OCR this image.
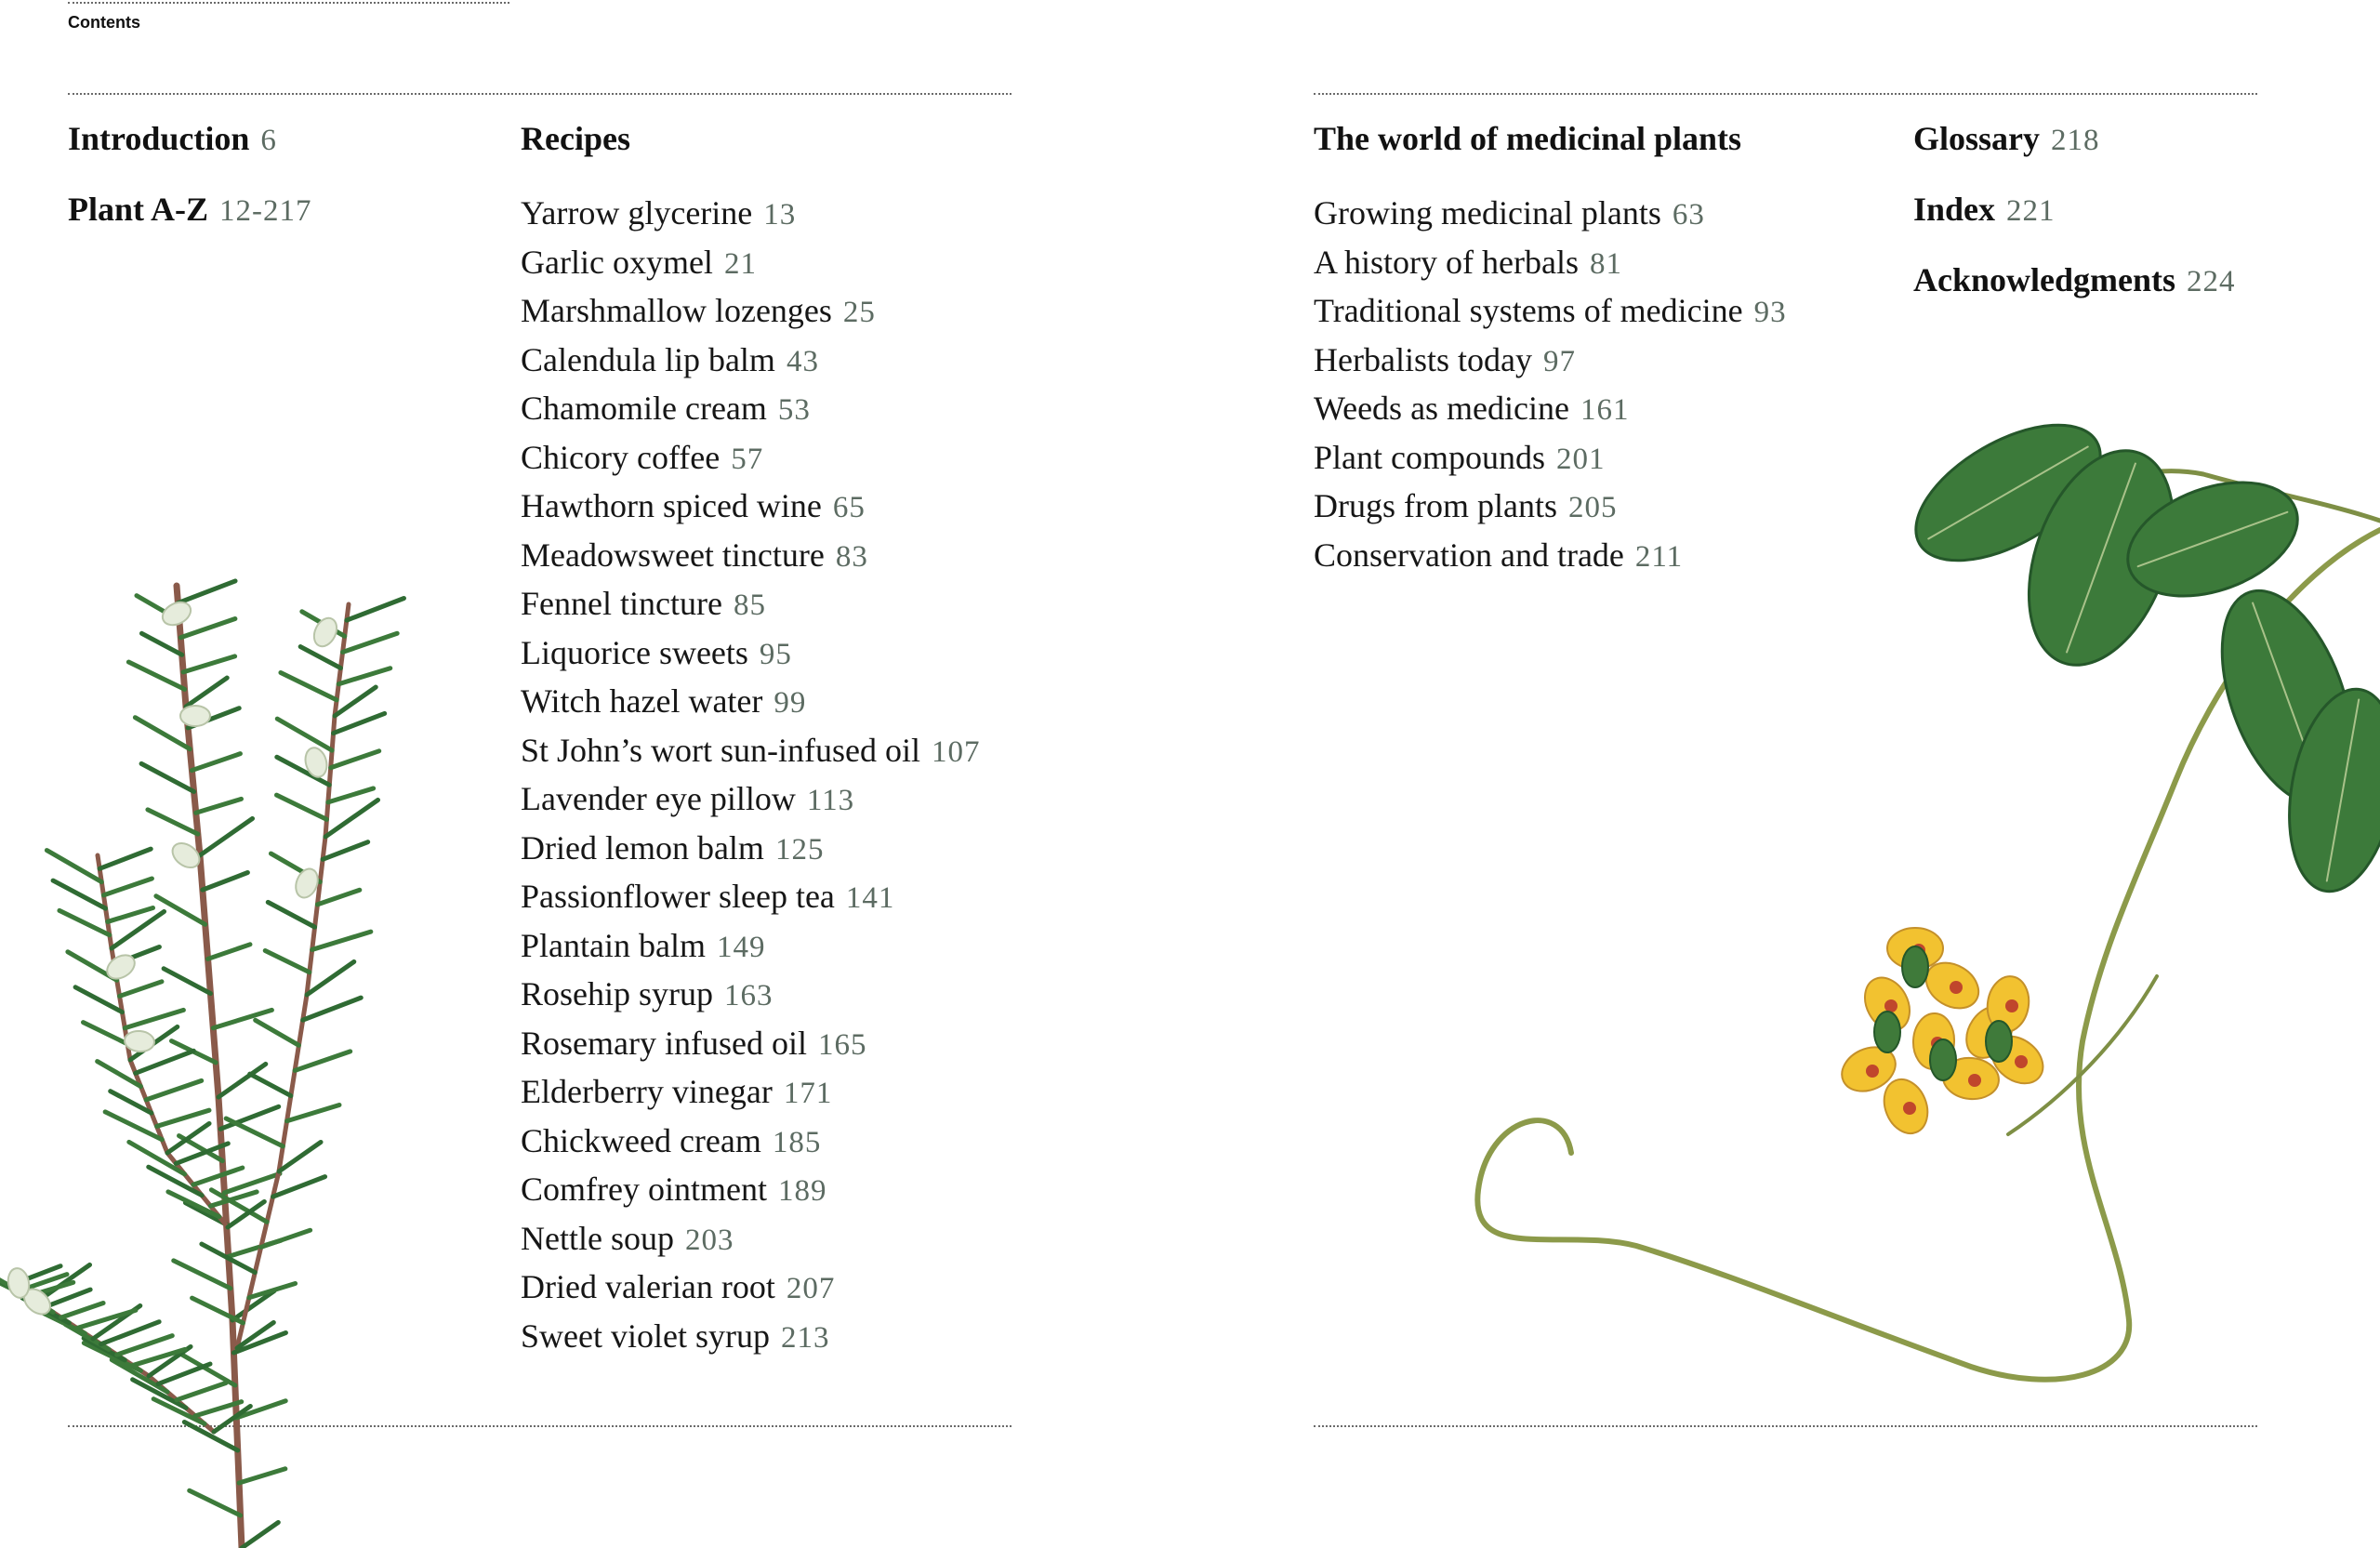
Contents
Introduction 6
Plant A-Z 12-217
Recipes
Yarrow glycerine 13
Garlic oxymel 21
Marshmallow lozenges 25
Calendula lip balm 43
Chamomile cream 53
Chicory coffee 57
Hawthorn spiced wine 65
Meadowsweet tincture 83
Fennel tincture 85
Liquorice sweets 95
Witch hazel water 99
St John’s wort sun-infused oil 107
Lavender eye pillow 113
Dried lemon balm 125
Passionflower sleep tea 141
Plantain balm 149
Rosehip syrup 163
Rosemary infused oil 165
Elderberry vinegar 171
Chickweed cream 185
Comfrey ointment 189
Nettle soup 203
Dried valerian root 207
Sweet violet syrup 213
The world of medicinal plants
Growing medicinal plants 63
A history of herbals 81
Traditional systems of medicine 93
Herbalists today 97
Weeds as medicine 161
Plant compounds 201
Drugs from plants 205
Conservation and trade 211
Glossary 218
Index 221
Acknowledgments 224
